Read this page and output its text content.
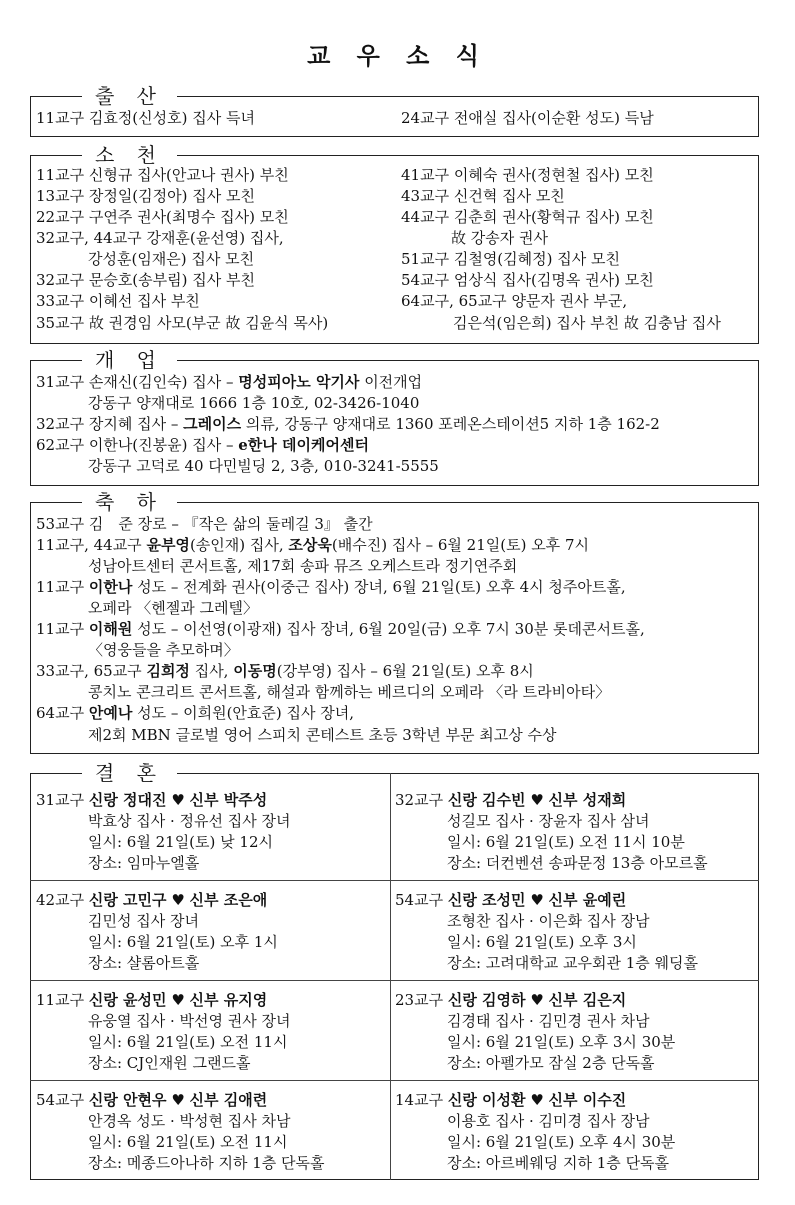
교 우 소 식
출 산
11교구 김효정(신성호) 집사 득녀	24교구 전애실 집사(이순환 성도) 득남
소 천
11교구 신형규 집사(안교나 권사) 부친
13교구 장정일(김정아) 집사 모친
22교구 구연주 권사(최명수 집사) 모친
32교구, 44교구 강재훈(윤선영) 집사,
강성훈(임재은) 집사 모친
32교구 문승호(송부림) 집사 부친
33교구 이혜선 집사 부친
35교구 故 권경임 사모(부군 故 김윤식 목사)
41교구 이혜숙 권사(정현철 집사) 모친
43교구 신건혁 집사 모친
44교구 김춘희 권사(황혁규 집사) 모친
故 강송자 권사
51교구 김철영(김혜정) 집사 모친
54교구 엄상식 집사(김명옥 권사) 모친
64교구, 65교구 양문자 권사 부군,
김은석(임은희) 집사 부친 故 김충남 집사
개 업
31교구 손재신(김인숙) 집사 – 명성피아노 악기사 이전개업
강동구 양재대로 1666 1층 10호, 02-3426-1040
32교구 장지혜 집사 – 그레이스 의류, 강동구 양재대로 1360 포레온스테이션5 지하 1층 162-2
62교구 이한나(진봉윤) 집사 – e한나 데이케어센터
강동구 고덕로 40 다민빌딩 2, 3층, 010-3241-5555
축 하
53교구 김　준 장로 – 『작은 삶의 둘레길 3』 출간
11교구, 44교구 윤부영(송인재) 집사, 조상욱(배수진) 집사 – 6월 21일(토) 오후 7시
성남아트센터 콘서트홀, 제17회 송파 뮤즈 오케스트라 정기연주회
11교구 이한나 성도 – 전계화 권사(이중근 집사) 장녀, 6월 21일(토) 오후 4시 청주아트홀,
오페라 〈헨젤과 그레텔〉
11교구 이해원 성도 – 이선영(이광재) 집사 장녀, 6월 20일(금) 오후 7시 30분 롯데콘서트홀,
〈영웅들을 추모하며〉
33교구, 65교구 김희정 집사, 이동명(강부영) 집사 – 6월 21일(토) 오후 8시
콩치노 콘크리트 콘서트홀, 해설과 함께하는 베르디의 오페라 〈라 트라비아타〉
64교구 안예나 성도 – 이희원(안효준) 집사 장녀,
제2회 MBN 글로벌 영어 스피치 콘테스트 초등 3학년 부문 최고상 수상
결 혼
31교구 신랑 정대진 ♥ 신부 박주성
박효상 집사 · 정유선 집사 장녀
일시: 6월 21일(토) 낮 12시
장소: 임마누엘홀
32교구 신랑 김수빈 ♥ 신부 성재희
성길모 집사 · 장윤자 집사 삼녀
일시: 6월 21일(토) 오전 11시 10분
장소: 더컨벤션 송파문정 13층 아모르홀
42교구 신랑 고민구 ♥ 신부 조은애
김민성 집사 장녀
일시: 6월 21일(토) 오후 1시
장소: 샬롬아트홀
54교구 신랑 조성민 ♥ 신부 윤예린
조형찬 집사 · 이은화 집사 장남
일시: 6월 21일(토) 오후 3시
장소: 고려대학교 교우회관 1층 웨딩홀
11교구 신랑 윤성민 ♥ 신부 유지영
유웅열 집사 · 박선영 권사 장녀
일시: 6월 21일(토) 오전 11시
장소: CJ인재원 그랜드홀
23교구 신랑 김영하 ♥ 신부 김은지
김경태 집사 · 김민경 권사 차남
일시: 6월 21일(토) 오후 3시 30분
장소: 아펠가모 잠실 2층 단독홀
54교구 신랑 안현우 ♥ 신부 김애련
안경옥 성도 · 박성현 집사 차남
일시: 6월 21일(토) 오전 11시
장소: 메종드아나하 지하 1층 단독홀
14교구 신랑 이성환 ♥ 신부 이수진
이용호 집사 · 김미경 집사 장남
일시: 6월 21일(토) 오후 4시 30분
장소: 아르베웨딩 지하 1층 단독홀
